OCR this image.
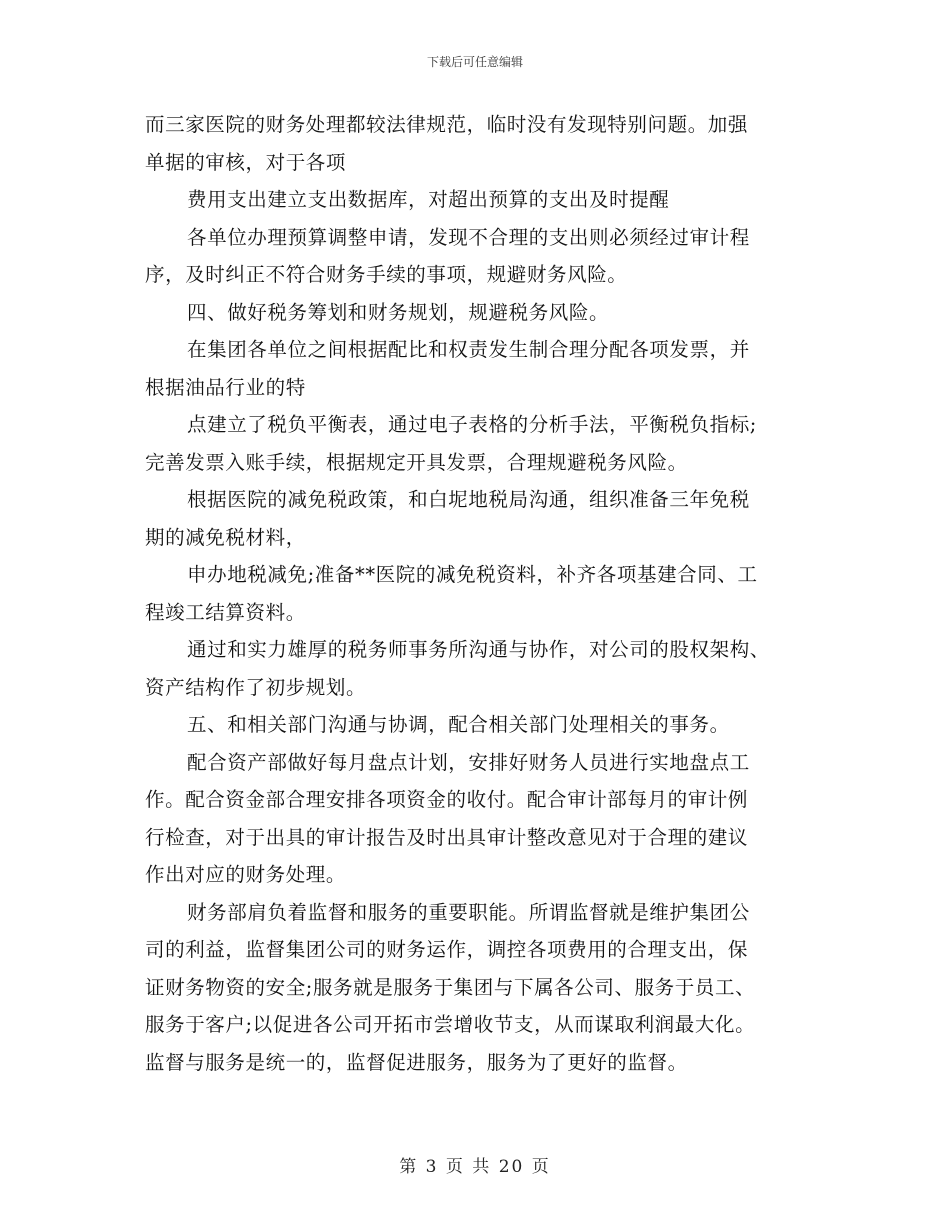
下载后可任意编辑
而三家医院的财务处理都较法律规范，临时没有发现特别问题。加强
单据的审核，对于各项
费用支出建立支出数据库，对超出预算的支出及时提醒
各单位办理预算调整申请，发现不合理的支出则必须经过审计程
序，及时纠正不符合财务手续的事项，规避财务风险。
四、做好税务筹划和财务规划，规避税务风险。
在集团各单位之间根据配比和权责发生制合理分配各项发票，并
根据油品行业的特
点建立了税负平衡表，通过电子表格的分析手法，平衡税负指标;
完善发票入账手续，根据规定开具发票，合理规避税务风险。
根据医院的减免税政策，和白坭地税局沟通，组织准备三年免税
期的减免税材料，
申办地税减免;准备**医院的减免税资料，补齐各项基建合同、工
程竣工结算资料。
通过和实力雄厚的税务师事务所沟通与协作，对公司的股权架构、
资产结构作了初步规划。
五、和相关部门沟通与协调，配合相关部门处理相关的事务。
配合资产部做好每月盘点计划，安排好财务人员进行实地盘点工
作。配合资金部合理安排各项资金的收付。配合审计部每月的审计例
行检查，对于出具的审计报告及时出具审计整改意见对于合理的建议
作出对应的财务处理。
财务部肩负着监督和服务的重要职能。所谓监督就是维护集团公
司的利益，监督集团公司的财务运作，调控各项费用的合理支出，保
证财务物资的安全;服务就是服务于集团与下属各公司、服务于员工、
服务于客户;以促进各公司开拓市尝增收节支，从而谋取利润最大化。
监督与服务是统一的，监督促进服务，服务为了更好的监督。
第 3 页 共 20 页
